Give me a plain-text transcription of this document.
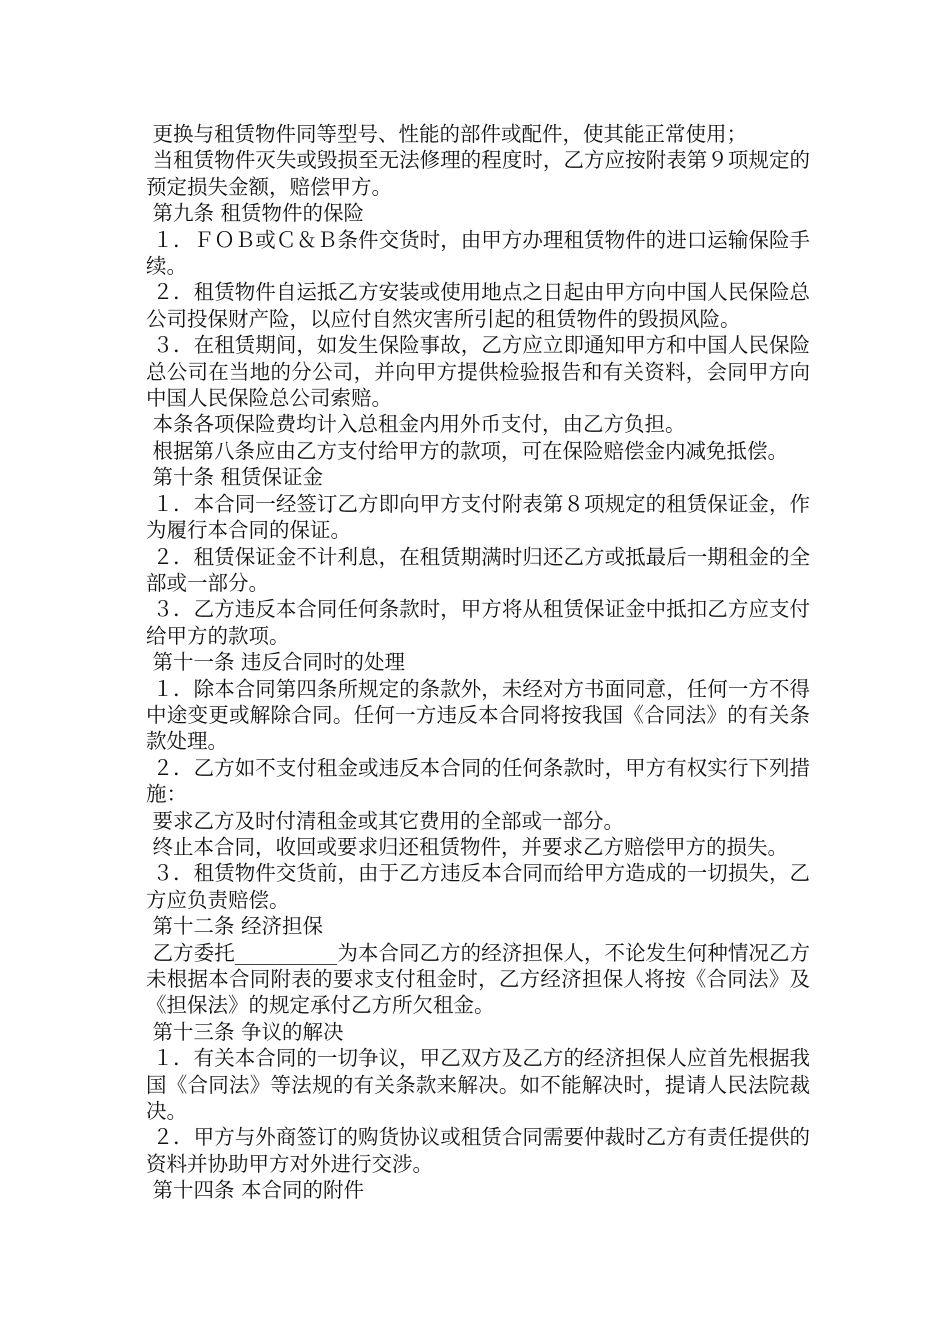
更换与租赁物件同等型号、性能的部件或配件，使其能正常使用；

当租赁物件灭失或毁损至无法修理的程度时，乙方应按附表第９项规定的预定损失金额，赔偿甲方。

第九条 租赁物件的保险

１．ＦＯＢ或Ｃ＆Ｂ条件交货时，由甲方办理租赁物件的进口运输保险手续。

２．租赁物件自运抵乙方安装或使用地点之日起由甲方向中国人民保险总公司投保财产险，以应付自然灾害所引起的租赁物件的毁损风险。

３．在租赁期间，如发生保险事故，乙方应立即通知甲方和中国人民保险总公司在当地的分公司，并向甲方提供检验报告和有关资料，会同甲方向中国人民保险总公司索赔。

本条各项保险费均计入总租金内用外币支付，由乙方负担。

根据第八条应由乙方支付给甲方的款项，可在保险赔偿金内减免抵偿。

第十条 租赁保证金

１．本合同一经签订乙方即向甲方支付附表第８项规定的租赁保证金，作为履行本合同的保证。

２．租赁保证金不计利息，在租赁期满时归还乙方或抵最后一期租金的全部或一部分。

３．乙方违反本合同任何条款时，甲方将从租赁保证金中抵扣乙方应支付给甲方的款项。

第十一条 违反合同时的处理

１．除本合同第四条所规定的条款外，未经对方书面同意，任何一方不得中途变更或解除合同。任何一方违反本合同将按我国《合同法》的有关条款处理。

２．乙方如不支付租金或违反本合同的任何条款时，甲方有权实行下列措施：

要求乙方及时付清租金或其它费用的全部或一部分。

终止本合同，收回或要求归还租赁物件，并要求乙方赔偿甲方的损失。

３．租赁物件交货前，由于乙方违反本合同而给甲方造成的一切损失，乙方应负责赔偿。

第十二条 经济担保

乙方委托__________为本合同乙方的经济担保人，不论发生何种情况乙方未根据本合同附表的要求支付租金时，乙方经济担保人将按《合同法》及《担保法》的规定承付乙方所欠租金。

第十三条 争议的解决

１．有关本合同的一切争议，甲乙双方及乙方的经济担保人应首先根据我国《合同法》等法规的有关条款来解决。如不能解决时，提请人民法院裁决。

２．甲方与外商签订的购货协议或租赁合同需要仲裁时乙方有责任提供的资料并协助甲方对外进行交涉。

第十四条 本合同的附件
